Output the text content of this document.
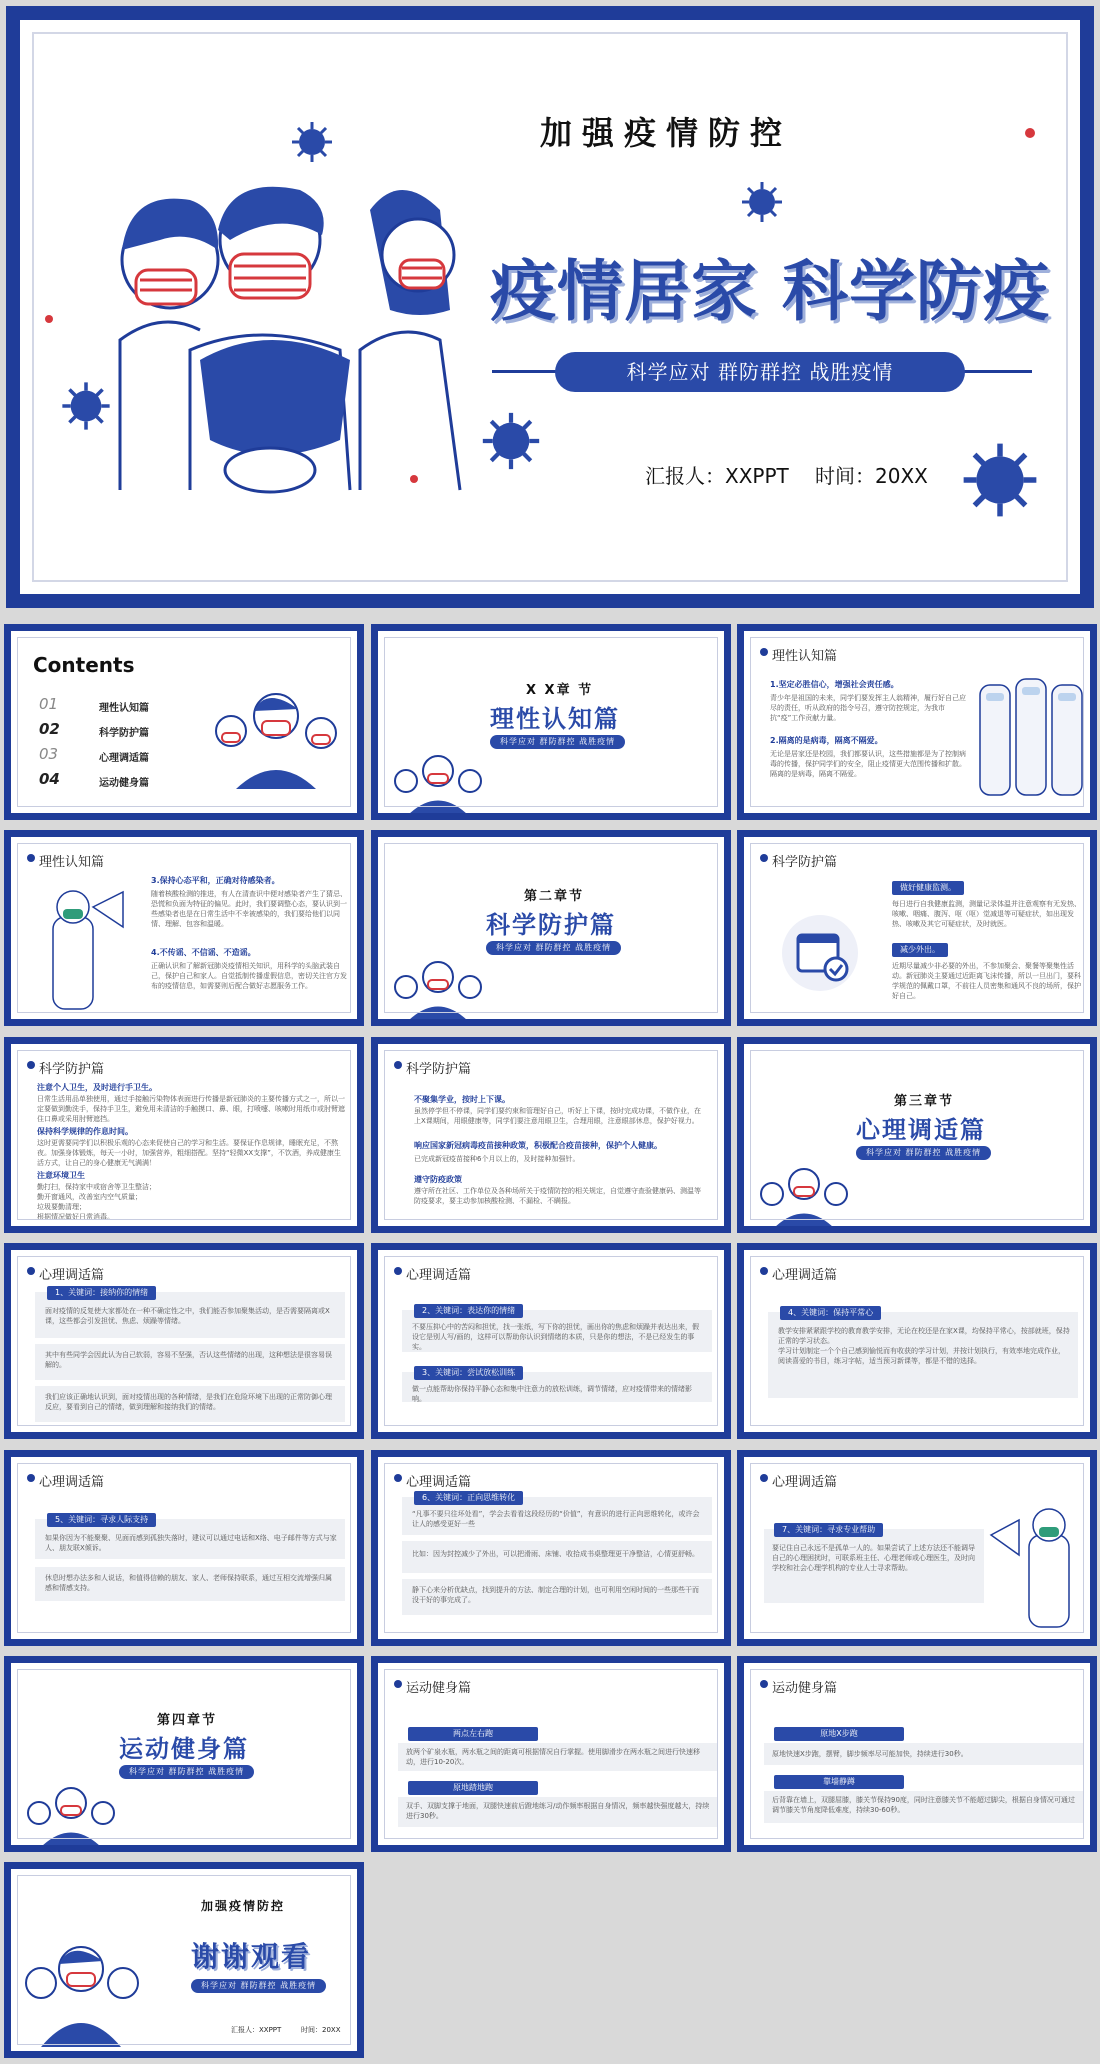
加强疫情防控
疫情居家 科学防疫
科学应对 群防群控 战胜疫情
汇报人：XXPPT 时间：20XX
Contents
01	理性认知篇
02	科学防护篇
03	心理调适篇
04	运动健身篇
X X章 节
理性认知篇
科学应对 群防群控 战胜疫情
理性认知篇
1.坚定必胜信心，增强社会责任感。
青少年是祖国的未来，同学们要发挥主人翁精神，履行好自己应尽的责任，听从政府的指令号召，遵守防控规定，为我市抗“疫”工作贡献力量。
2.隔离的是病毒，隔离不隔爱。
无论是居家还是校园，我们都要认识，这些措施都是为了控制病毒的传播，保护同学们的安全，阻止疫情更大范围传播和扩散。隔离的是病毒，隔离不隔爱。
理性认知篇
3.保持心态平和，正确对待感染者。
随着核酸检测的推进，有人在清查识中便对感染者产生了猜忌、恐慌和负面为特征的偏见。此时，我们要调整心态，要认识到一些感染者也是在日常生活中不幸被感染的，我们要给他们以同情、理解、包容和温暖。
4.不传谣、不信谣、不造谣。
正确认识和了解新冠肺炎疫情相关知识，用科学的头脑武装自己，保护自己和家人。自觉抵制传播虚假信息，密切关注官方发布的疫情信息，如需要则后配合做好志愿服务工作。
第二章节
科学防护篇
科学应对 群防群控 战胜疫情
科学防护篇
做好健康监测。
每日进行自我健康监测，测量记录体温并注意观察有无发热、咳嗽、咽痛、腹泻、呕（呕）觉减退等可疑症状，如出现发热、咳嗽及其它可疑症状，及时就医。
减少外出。
近期尽量减少非必要的外出，不参加聚会、聚餐等聚集性活动。新冠肺炎主要通过近距离飞沫传播，所以一旦出门，要科学规范的佩戴口罩，不前往人员密集和通风不良的场所，保护好自己。
科学防护篇
注意个人卫生，及时进行手卫生。
日常生活用品单独使用，通过手接触污染物体表面进行传播是新冠肺炎的主要传播方式之一，所以一定要做到勤洗手，保持手卫生，避免用未清洁的手触摸口、鼻、眼，打喷嚏、咳嗽时用纸巾或肘臂遮住口鼻或采用肘臂遮挡。
保持科学规律的作息时间。
这时更需要同学们以积极乐观的心态来促使自己的学习和生活。要保证作息规律，睡眠充足，不熬夜。加强身体锻炼，每天一小时，加强营养，粗细搭配。坚持“轻微XX支撑”，不饮酒，养成健康生活方式，让自己的身心健康无气满满！
注意环境卫生
勤打扫，保持家中或宿舍等卫生整洁；
勤开窗通风，改善室内空气质量；
垃圾要勤清理；
根据情况做好日常消毒。
科学防护篇
不聚集学业，按时上下课。
虽然停学但不停课，同学们要约束和管理好自己，听好上下课，按时完成功课，不做作业，在上X课期间，用眼健康等，同学们要注意用眼卫生，合理用眼，注意眼部休息，保护好视力。
响应国家新冠病毒疫苗接种政策，积极配合疫苗接种，保护个人健康。
已完成新冠疫苗接种6个月以上的，及时接种加强针。
遵守防疫政策
遵守所在社区、工作单位及各种场所关于疫情防控的相关规定，自觉遵守查验健康码、测温等防疫要求，要主动参加核酸检测、不漏检、不瞒报。
第三章节
心理调适篇
科学应对 群防群控 战胜疫情
心理调适篇
1、关键词：接纳你的情绪
面对疫情的反复使大家都处在一种不确定性之中，我们能否参加聚集活动，是否需要隔离或X课，这些都会引发担忧、焦虑、烦躁等情绪。
其中有些同学会因此认为自己软弱，容易不坚强，否认这些情绪的出现，这种想法是很容易误解的。
我们应该正确地认识到，面对疫情出现的各种情绪，是我们在危险环境下出现的正常防御心理反应，要看到自己的情绪，做到理解和接纳我们的情绪。
心理调适篇
2、关键词：表达你的情绪
不要压抑心中的苦闷和担忧，找一张纸，写下你的担忧，画出你的焦虑和烦躁并表达出来，假设它是别人写/画的，这样可以帮助你认识到情绪的本质，只是你的想法，不是已经发生的事实。
3、关键词：尝试放松训练
做一点能帮助你保持平静心态和集中注意力的放松训练，调节情绪，应对疫情带来的情绪影响。
心理调适篇
4、关键词：保持平常心
教学安排紧紧跟学校的教育教学安排，无论在校还是在家X课，均保持平常心，按部就班，保持正常的学习状态。
学习计划制定一个个自己感到愉悦而有收获的学习计划，并按计划执行，有效率地完成作业，阅读喜爱的书目，练习字帖，适当预习新课等，都是不错的选择。
心理调适篇
5、关键词：寻求人际支持
如果你因为不能聚聚、见面而感到孤独失落时，建议可以通过电话和X络、电子邮件等方式与家人、朋友联X倾诉。
休息时想办法多和人说话，和值得信赖的朋友、家人、老师保持联系，通过互相交流增强归属感和情感支持。
心理调适篇
6、关键词：正向思维转化
“凡事不要只往坏处看”，学会去看看这段经历的“价值”，有意识的进行正向思维转化，或许会让人的感受更好一些
比如：因为封控减少了外出，可以把滑雨、床铺、收拾成书桌整理更干净整洁，心情更舒畅。
静下心来分析优缺点，找到提升的方法、制定合理的计划，也可利用空闲时间的一些那些干而没干好的事完成了。
心理调适篇
7、关键词：寻求专业帮助
要记住自己永远不是孤单一人的。如果尝试了上述方法还不能调导自己的心理困扰时，可联系班主任、心理老师或心理医生，及时向学校和社会心理学机构的专业人士寻求帮助。
第四章节
运动健身篇
科学应对 群防群控 战胜疫情
运动健身篇
两点左右跑
放两个矿泉水瓶，两水瓶之间的距离可根据情况自行掌握。使用脚滑步在两水瓶之间进行快速移动，进行10-20次。
原地踏地跑
双手、双脚支撑于地面，双腿快速前后蹬地练习/动作频率根据自身情况，频率越快强度越大，持续进行30秒。
运动健身篇
原地X步跑
原地快速X步跑，摆臂，脚步频率尽可能加快，持续进行30秒。
靠墙静蹲
后背靠在墙上，双腿屈膝，膝关节保持90度，同时注意膝关节不能超过脚尖，根据自身情况可通过调节膝关节角度降低难度，持续30-60秒。
加强疫情防控
谢谢观看
科学应对 群防群控 战胜疫情
汇报人：XXPPT	时间：20XX
